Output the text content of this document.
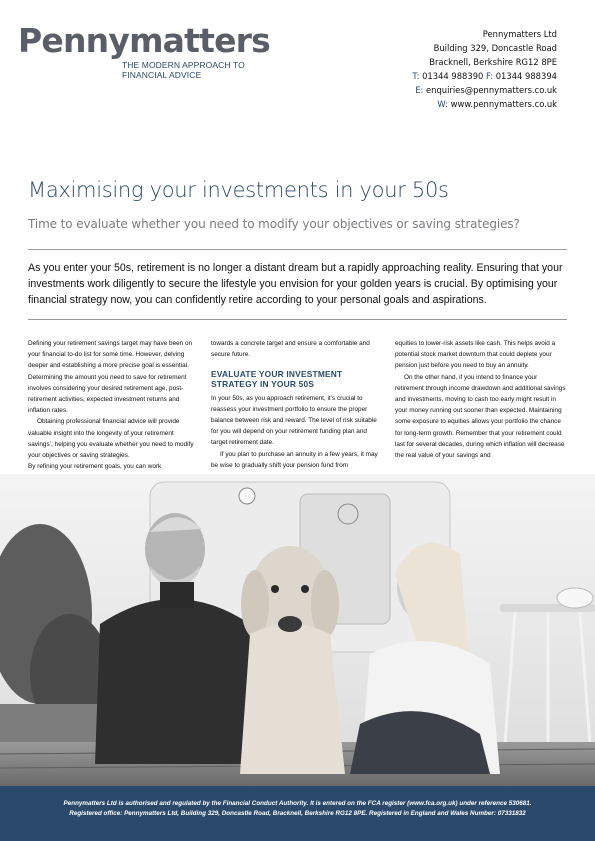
Pennymatters
THE MODERN APPROACH TO
FINANCIAL ADVICE
Pennymatters Ltd
Building 329, Doncastle Road
Bracknell, Berkshire RG12 8PE
T: 01344 988390 F: 01344 988394
E: enquiries@pennymatters.co.uk
W: www.pennymatters.co.uk
Maximising your investments in your 50s
Time to evaluate whether you need to modify your objectives or saving strategies?

As you enter your 50s, retirement is no longer a distant dream but a rapidly approaching reality. Ensuring that your investments work diligently to secure the lifestyle you envision for your golden years is crucial. By optimising your financial strategy now, you can confidently retire according to your personal goals and aspirations.

Defining your retirement savings target may have been on your financial to-do list for some time. However, delving deeper and establishing a more precise goal is essential. Determining the amount you need to save for retirement involves considering your desired retirement age, post-retirement activities, expected investment returns and inflation rates.

Obtaining professional financial advice will provide valuable insight into the longevity of your retirement savings’, helping you evaluate whether you need to modify your objectives or saving strategies.

By refining your retirement goals, you can work

towards a concrete target and ensure a comfortable and secure future.

EVALUATE YOUR INVESTMENT STRATEGY IN YOUR 50S

In your 50s, as you approach retirement, it’s crucial to reassess your investment portfolio to ensure the proper balance between risk and reward. The level of risk suitable for you will depend on your retirement funding plan and target retirement date.

If you plan to purchase an annuity in a few years, it may be wise to gradually shift your pension fund from

equities to lower-risk assets like cash. This helps avoid a potential stock market downturn that could deplete your pension just before you need to buy an annuity.

On the other hand, if you intend to finance your retirement through income drawdown and additional savings and investments, moving to cash too early might result in your money running out sooner than expected. Maintaining some exposure to equities allows your portfolio the chance for long-term growth. Remember that your retirement could last for several decades, during which inflation will decrease the real value of your savings and

Pennymatters Ltd is authorised and regulated by the Financial Conduct Authority. It is entered on the FCA register (www.fca.org.uk) under reference 530681.
Registered office: Pennymatters Ltd, Building 329, Doncastle Road, Bracknell, Berkshire RG12 8PE. Registered in England and Wales Number: 07331832
